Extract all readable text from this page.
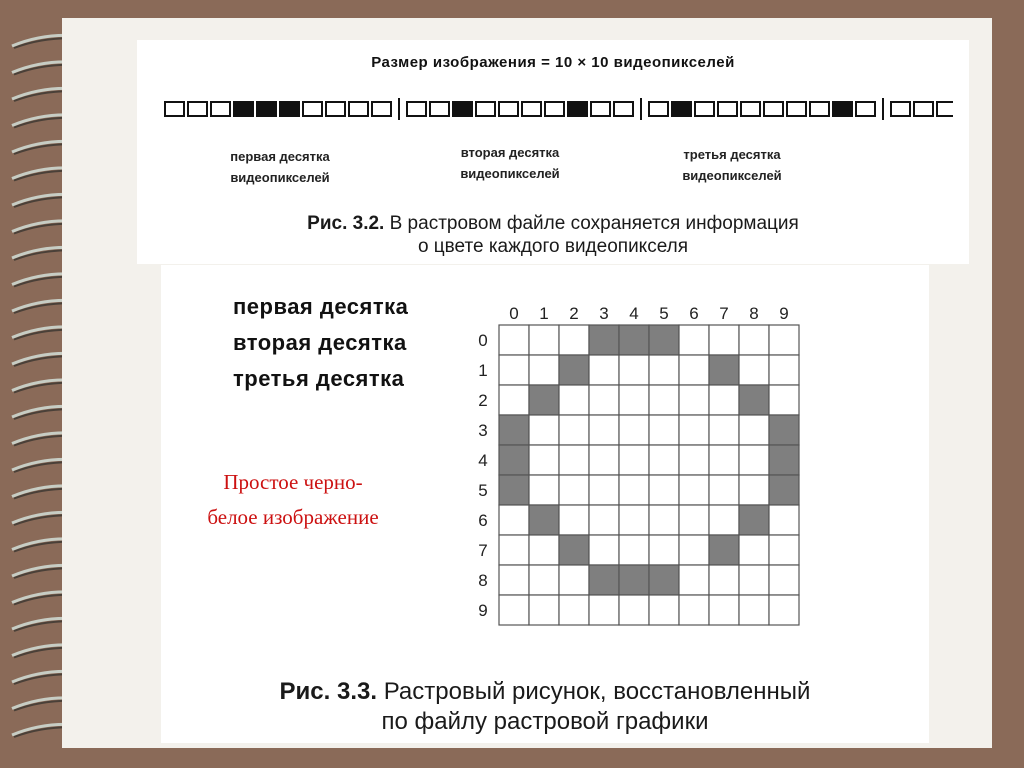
Размер изображения = 10 × 10 видеопикселей
первая десятка
видеопикселей
вторая десятка
видеопикселей
третья десятка
видеопикселей
Рис. 3.2. В растровом файле сохраняется информация
о цвете каждого видеопикселя
первая десятка
вторая десятка
третья десятка
Простое черно-белое изображение
0 1 2 3 4 5 6 7 8 9
0
1
2
3
4
5
6
7
8
9
Рис. 3.3. Растровый рисунок, восстановленный
по файлу растровой графики
